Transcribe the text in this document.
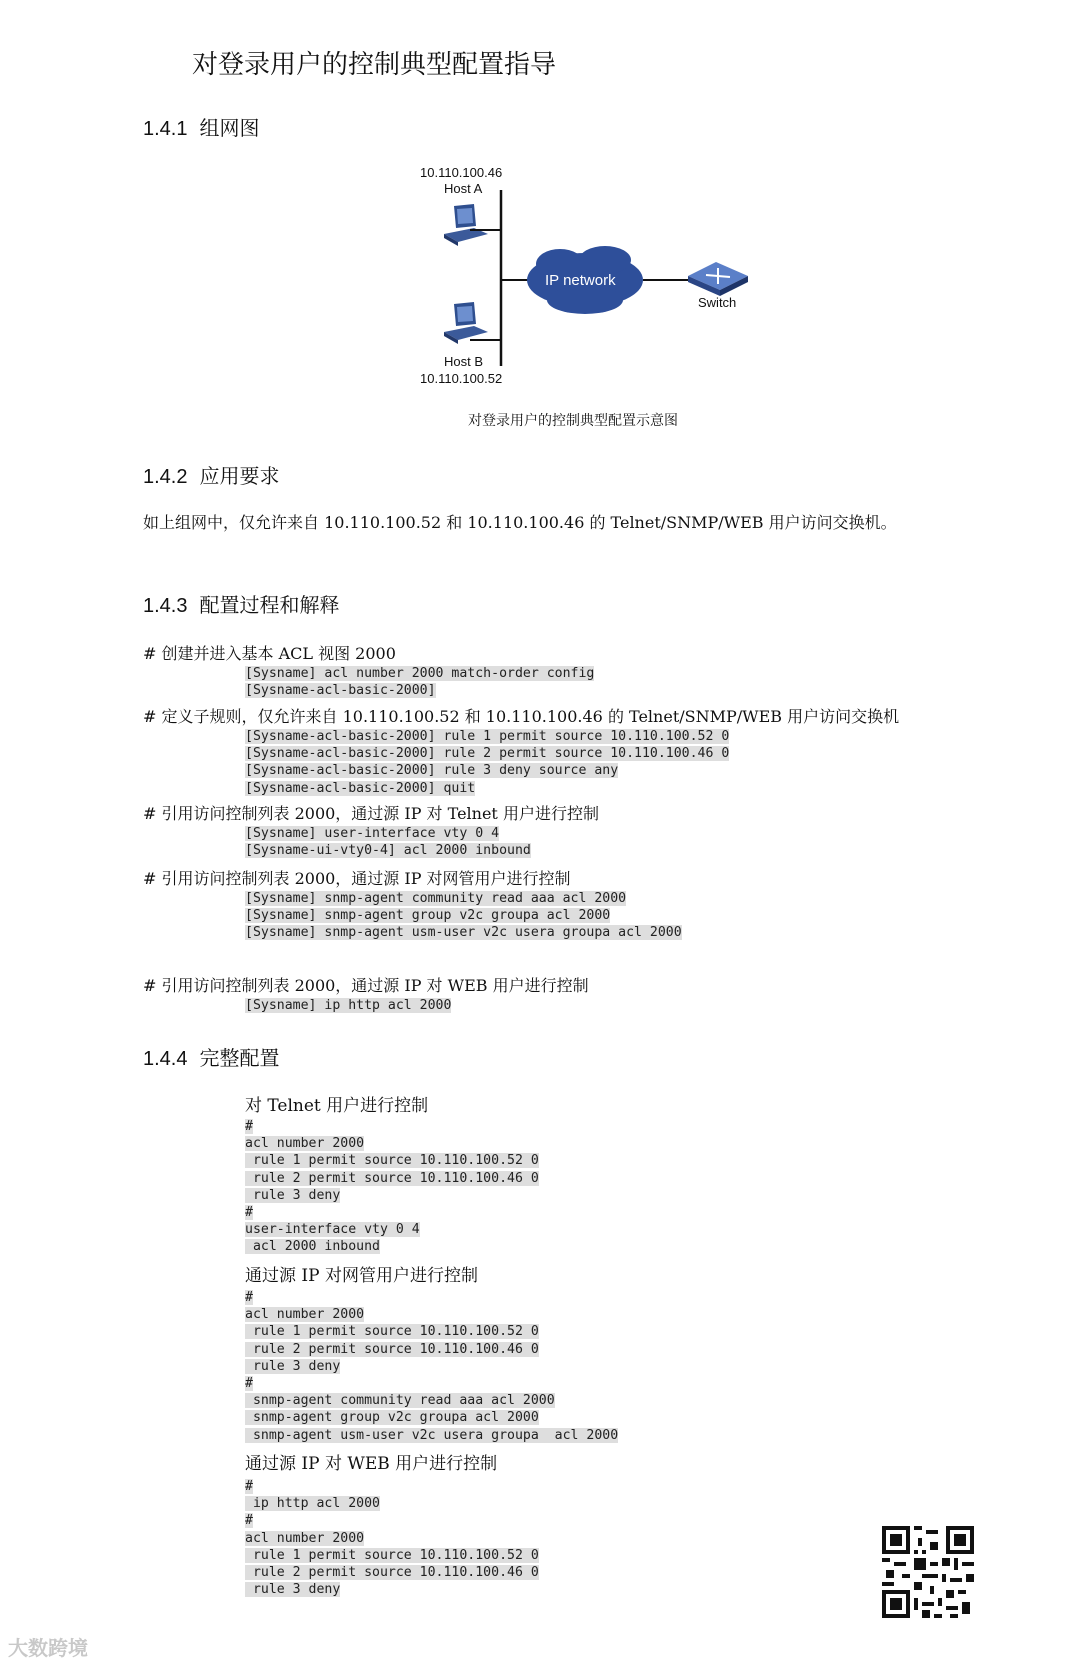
对登录用户的控制典型配置指导
1.4.1 组网图
10.110.100.46
Host A
IP network
Switch
Host B
10.110.100.52
对登录用户的控制典型配置示意图
1.4.2 应用要求
如上组网中，仅允许来自 10.110.100.52 和 10.110.100.46 的 Telnet/SNMP/WEB 用户访问交换机。
1.4.3 配置过程和解释
# 创建并进入基本 ACL 视图 2000
[Sysname] acl number 2000 match-order config
[Sysname-acl-basic-2000]
# 定义子规则，仅允许来自 10.110.100.52 和 10.110.100.46 的 Telnet/SNMP/WEB 用户访问交换机
[Sysname-acl-basic-2000] rule 1 permit source 10.110.100.52 0
[Sysname-acl-basic-2000] rule 2 permit source 10.110.100.46 0
[Sysname-acl-basic-2000] rule 3 deny source any
[Sysname-acl-basic-2000] quit
# 引用访问控制列表 2000，通过源 IP 对 Telnet 用户进行控制
[Sysname] user-interface vty 0 4
[Sysname-ui-vty0-4] acl 2000 inbound
# 引用访问控制列表 2000，通过源 IP 对网管用户进行控制
[Sysname] snmp-agent community read aaa acl 2000
[Sysname] snmp-agent group v2c groupa acl 2000
[Sysname] snmp-agent usm-user v2c usera groupa acl 2000
# 引用访问控制列表 2000，通过源 IP 对 WEB 用户进行控制
[Sysname] ip http acl 2000
1.4.4 完整配置
对 Telnet 用户进行控制
#
acl number 2000
rule 1 permit source 10.110.100.52 0
rule 2 permit source 10.110.100.46 0
rule 3 deny
#
user-interface vty 0 4
acl 2000 inbound
通过源 IP 对网管用户进行控制
#
acl number 2000
rule 1 permit source 10.110.100.52 0
rule 2 permit source 10.110.100.46 0
rule 3 deny
#
snmp-agent community read aaa acl 2000
snmp-agent group v2c groupa acl 2000
snmp-agent usm-user v2c usera groupa  acl 2000
通过源 IP 对 WEB 用户进行控制
#
ip http acl 2000
#
acl number 2000
rule 1 permit source 10.110.100.52 0
rule 2 permit source 10.110.100.46 0
rule 3 deny
大数跨境
